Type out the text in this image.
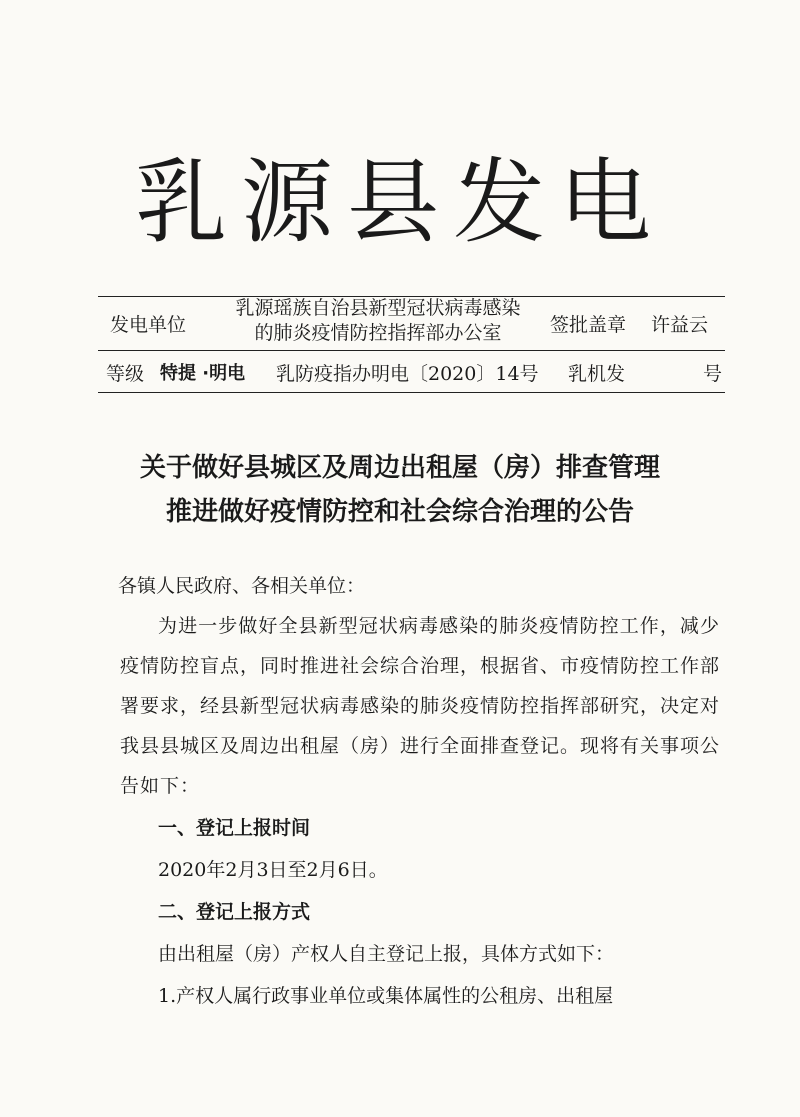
乳源县发电
发电单位
乳源瑶族自治县新型冠状病毒感染
的肺炎疫情防控指挥部办公室	签批盖章 许益云
等级 特提 ·明电 乳防疫指办明电〔2020〕14号 乳机发	号
关于做好县城区及周边出租屋（房）排查管理
推进做好疫情防控和社会综合治理的公告

各镇人民政府、各相关单位：

为进一步做好全县新型冠状病毒感染的肺炎疫情防控工作，减少疫情防控盲点，同时推进社会综合治理，根据省、市疫情防控工作部署要求，经县新型冠状病毒感染的肺炎疫情防控指挥部研究，决定对我县县城区及周边出租屋（房）进行全面排查登记。现将有关事项公告如下：

一、登记上报时间

2020年2月3日至2月6日。

二、登记上报方式

由出租屋（房）产权人自主登记上报，具体方式如下：

1.产权人属行政事业单位或集体属性的公租房、出租屋
